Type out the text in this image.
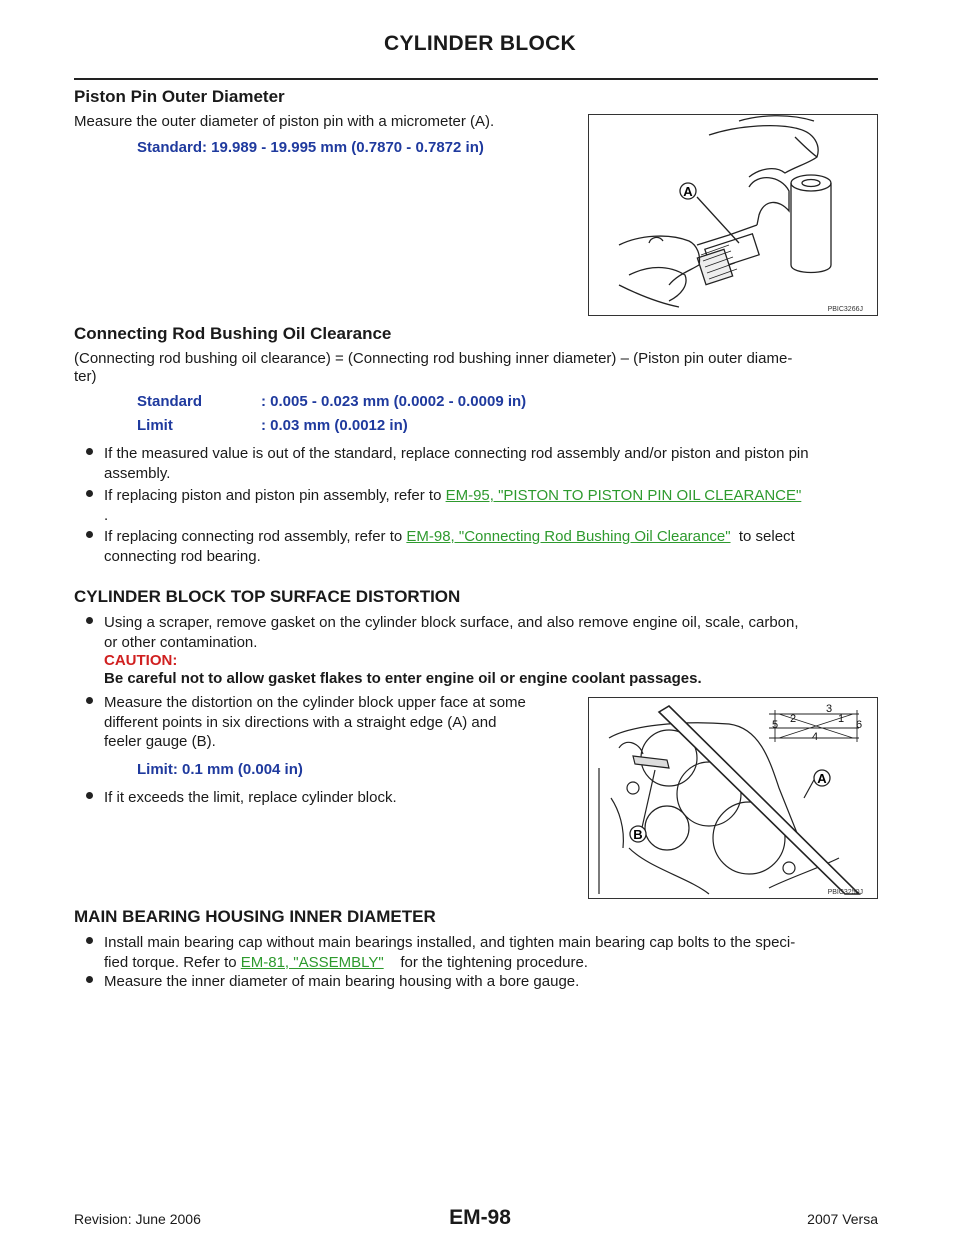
CYLINDER BLOCK
Piston Pin Outer Diameter

Measure the outer diameter of piston pin with a micrometer (A).

Standard: 19.989 - 19.995 mm (0.7870 - 0.7872 in)

A
PBIC3266J
Connecting Rod Bushing Oil Clearance

(Connecting rod bushing oil clearance) = (Connecting rod bushing inner diameter) – (Piston pin outer diame-

ter)

Standard	: 0.005 - 0.023 mm (0.0002 - 0.0009 in)

Limit	: 0.03 mm (0.0012 in)

If the measured value is out of the standard, replace connecting rod assembly and/or piston and piston pin
assembly.
If replacing piston and piston pin assembly, refer to EM-95, "PISTON TO PISTON PIN OIL CLEARANCE"
.
If replacing connecting rod assembly, refer to EM-98, "Connecting Rod Bushing Oil Clearance"  to select
connecting rod bearing.
CYLINDER BLOCK TOP SURFACE DISTORTION
Using a scraper, remove gasket on the cylinder block surface, and also remove engine oil, scale, carbon,
or other contamination.

CAUTION:

Be careful not to allow gasket flakes to enter engine oil or engine coolant passages.

Measure the distortion on the cylinder block upper face at some
different points in six directions with a straight edge (A) and
feeler gauge (B).

Limit: 0.1 mm (0.004 in)

If it exceeds the limit, replace cylinder block.
3
2	1
5	6
4
A
B
PBIC3250J
MAIN BEARING HOUSING INNER DIAMETER
Install main bearing cap without main bearings installed, and tighten main bearing cap bolts to the speci-
fied torque. Refer to EM-81, "ASSEMBLY"    for the tightening procedure.
Measure the inner diameter of main bearing housing with a bore gauge.
Revision: June 2006	EM-98	2007 Versa
